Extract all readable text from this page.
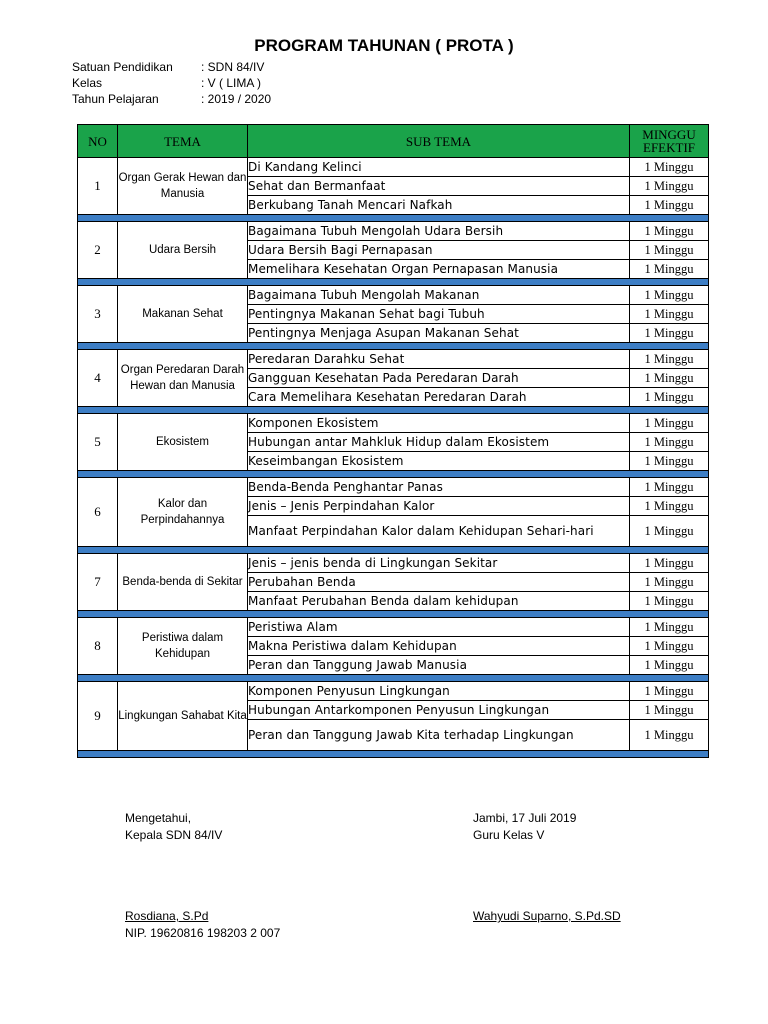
PROGRAM TAHUNAN ( PROTA )
Satuan Pendidikan : SDN 84/IV
Kelas	: V ( LIMA )
Tahun Pelajaran	: 2019 / 2020
NO	TEMA	SUB TEMA	MINGGU EFEKTIF
1	Organ Gerak Hewan dan Manusia	Di Kandang Kelinci	1 Minggu
		Sehat dan Bermanfaat	1 Minggu
		Berkubang Tanah Mencari Nafkah	1 Minggu

2	Udara Bersih	Bagaimana Tubuh Mengolah Udara Bersih	1 Minggu
		Udara Bersih Bagi Pernapasan	1 Minggu
		Memelihara Kesehatan Organ Pernapasan Manusia	1 Minggu

3	Makanan Sehat	Bagaimana Tubuh Mengolah Makanan	1 Minggu
		Pentingnya Makanan Sehat bagi Tubuh	1 Minggu
		Pentingnya Menjaga Asupan Makanan Sehat	1 Minggu

4	Organ Peredaran Darah Hewan dan Manusia	Peredaran Darahku Sehat	1 Minggu
		Gangguan Kesehatan Pada Peredaran Darah	1 Minggu
		Cara Memelihara Kesehatan Peredaran Darah	1 Minggu

5	Ekosistem	Komponen Ekosistem	1 Minggu
		Hubungan antar Mahkluk Hidup dalam Ekosistem	1 Minggu
		Keseimbangan Ekosistem	1 Minggu

6	Kalor dan Perpindahannya	Benda-Benda Penghantar Panas	1 Minggu
		Jenis – Jenis Perpindahan Kalor	1 Minggu
		Manfaat Perpindahan Kalor dalam Kehidupan Sehari-hari	1 Minggu

7	Benda-benda di Sekitar	Jenis – jenis benda di Lingkungan Sekitar	1 Minggu
		Perubahan Benda	1 Minggu
		Manfaat Perubahan Benda dalam kehidupan	1 Minggu

8	Peristiwa dalam Kehidupan	Peristiwa Alam	1 Minggu
		Makna Peristiwa dalam Kehidupan	1 Minggu
		Peran dan Tanggung Jawab Manusia	1 Minggu

9	Lingkungan Sahabat Kita	Komponen Penyusun Lingkungan	1 Minggu
		Hubungan Antarkomponen Penyusun Lingkungan	1 Minggu
		Peran dan Tanggung Jawab Kita terhadap Lingkungan	1 Minggu

Mengetahui,
Kepala SDN 84/IV
Rosdiana, S.Pd
NIP. 19620816 198203 2 007
Jambi, 17 Juli 2019
Guru Kelas V
Wahyudi Suparno, S.Pd.SD
